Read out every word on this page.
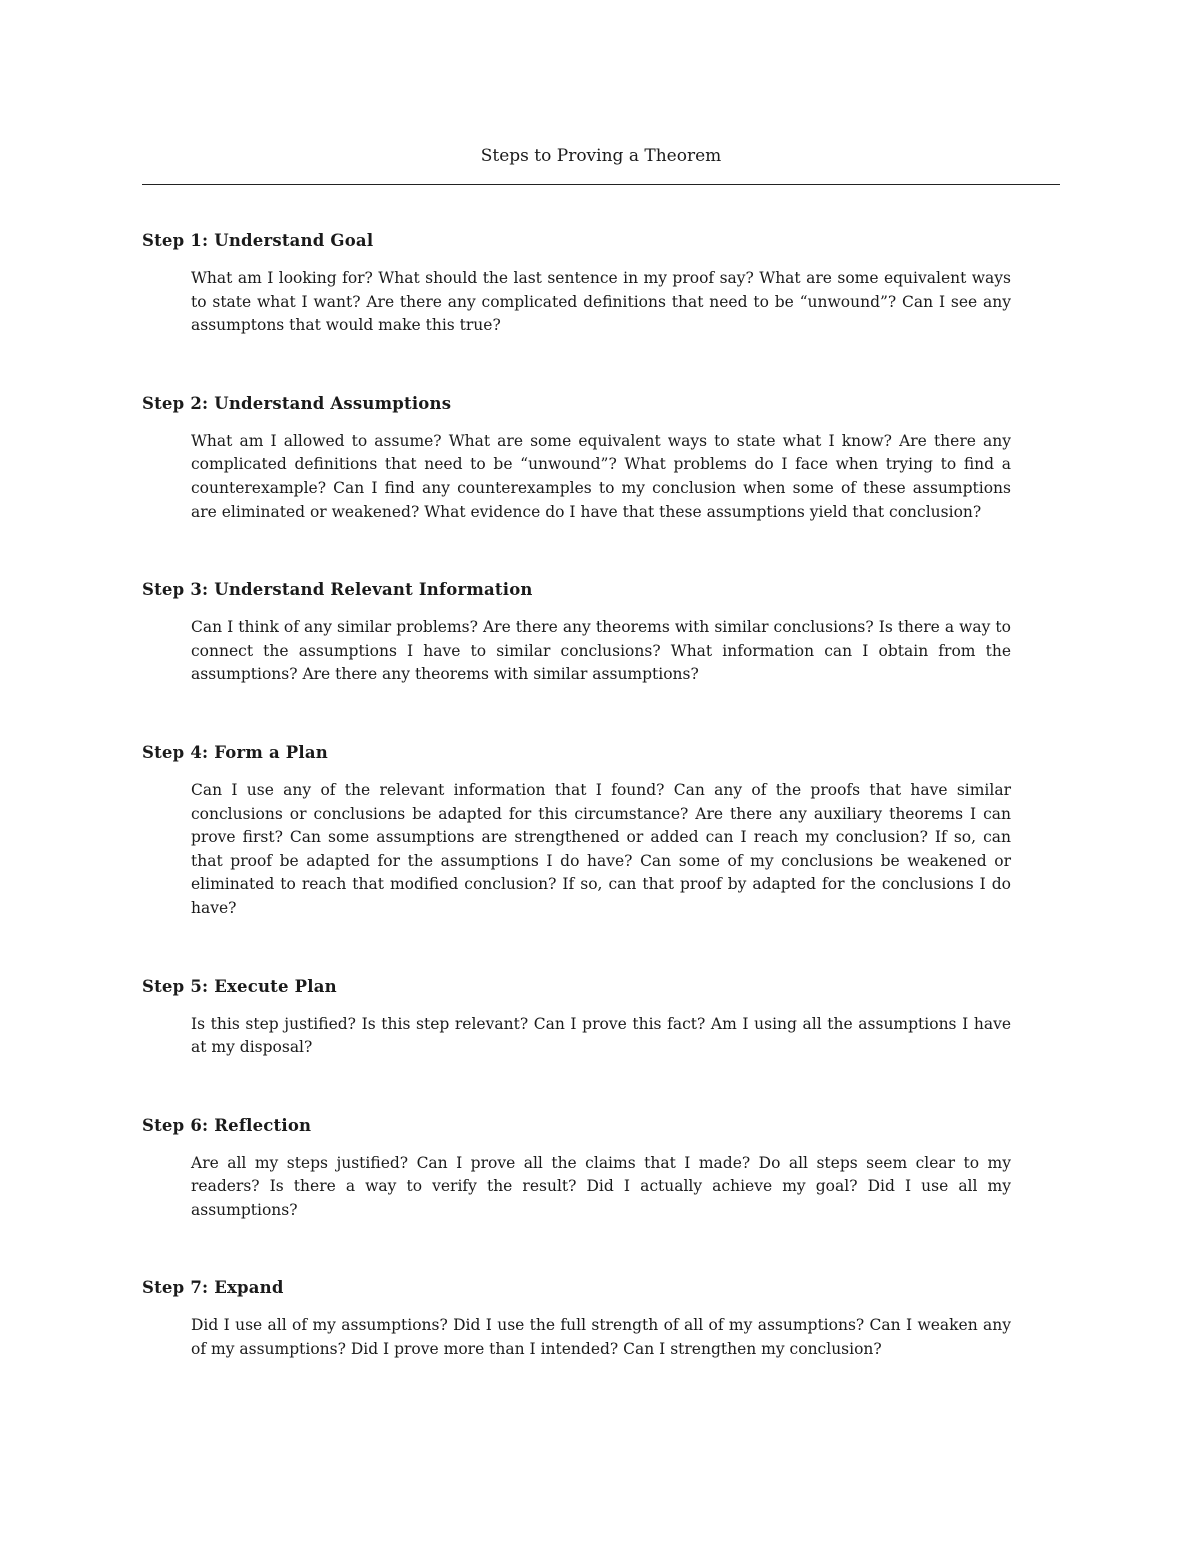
Steps to Proving a Theorem
Step 1: Understand Goal
What am I looking for? What should the last sentence in my proof say? What are some equivalent ways to state what I want? Are there any complicated definitions that need to be “unwound”? Can I see any assumptons that would make this true?
Step 2: Understand Assumptions
What am I allowed to assume? What are some equivalent ways to state what I know? Are there any complicated definitions that need to be “unwound”? What problems do I face when trying to find a counterexample? Can I find any counterexamples to my conclusion when some of these assumptions are eliminated or weakened? What evidence do I have that these assumptions yield that conclusion?
Step 3: Understand Relevant Information
Can I think of any similar problems? Are there any theorems with similar conclusions? Is there a way to connect the assumptions I have to similar conclusions? What information can I obtain from the assumptions? Are there any theorems with similar assumptions?
Step 4: Form a Plan
Can I use any of the relevant information that I found? Can any of the proofs that have similar conclusions or conclusions be adapted for this circumstance? Are there any auxiliary theorems I can prove first? Can some assumptions are strengthened or added can I reach my conclusion? If so, can that proof be adapted for the assumptions I do have? Can some of my conclusions be weakened or eliminated to reach that modified conclusion? If so, can that proof by adapted for the conclusions I do have?
Step 5: Execute Plan
Is this step justified? Is this step relevant? Can I prove this fact? Am I using all the assumptions I have at my disposal?
Step 6: Reflection
Are all my steps justified? Can I prove all the claims that I made? Do all steps seem clear to my readers? Is there a way to verify the result? Did I actually achieve my goal? Did I use all my assumptions?
Step 7: Expand
Did I use all of my assumptions? Did I use the full strength of all of my assumptions? Can I weaken any of my assumptions? Did I prove more than I intended? Can I strengthen my conclusion?
